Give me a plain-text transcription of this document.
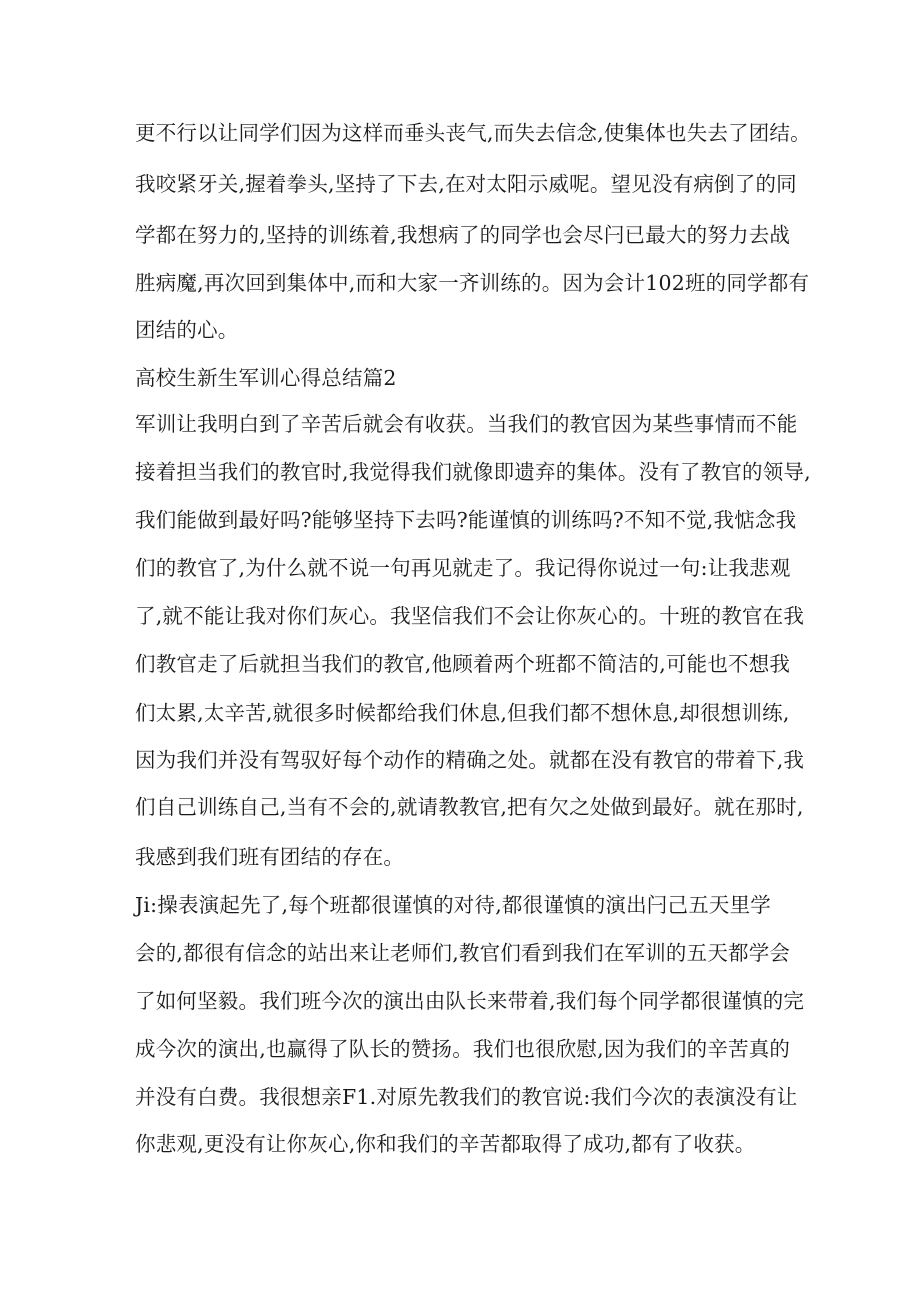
更不行以让同学们因为这样而垂头丧气,而失去信念,使集体也失去了团结。
我咬紧牙关,握着拳头,坚持了下去,在对太阳示威呢。望见没有病倒了的同
学都在努力的,坚持的训练着,我想病了的同学也会尽闩已最大的努力去战
胜病魔,再次回到集体中,而和大家一齐训练的。因为会计102班的同学都有
团结的心。
高校生新生军训心得总结篇2
军训让我明白到了辛苦后就会有收获。当我们的教官因为某些事情而不能
接着担当我们的教官时,我觉得我们就像即遗弃的集体。没有了教官的领导,
我们能做到最好吗?能够坚持下去吗?能谨慎的训练吗?不知不觉,我惦念我
们的教官了,为什么就不说一句再见就走了。我记得你说过一句:让我悲观
了,就不能让我对你们灰心。我坚信我们不会让你灰心的。十班的教官在我
们教官走了后就担当我们的教官,他顾着两个班都不简洁的,可能也不想我
们太累,太辛苦,就很多时候都给我们休息,但我们都不想休息,却很想训练,
因为我们并没有驾驭好每个动作的精确之处。就都在没有教官的带着下,我
们自己训练自己,当有不会的,就请教教官,把有欠之处做到最好。就在那时,
我感到我们班有团结的存在。
Ji:操表演起先了,每个班都很谨慎的对待,都很谨慎的演出闩己五天里学
会的,都很有信念的站出来让老师们,教官们看到我们在军训的五天都学会
了如何坚毅。我们班今次的演出由队长来带着,我们每个同学都很谨慎的完
成今次的演出,也赢得了队长的赞扬。我们也很欣慰,因为我们的辛苦真的
并没有白费。我很想亲F1.对原先教我们的教官说:我们今次的表演没有让
你悲观,更没有让你灰心,你和我们的辛苦都取得了成功,都有了收获。
